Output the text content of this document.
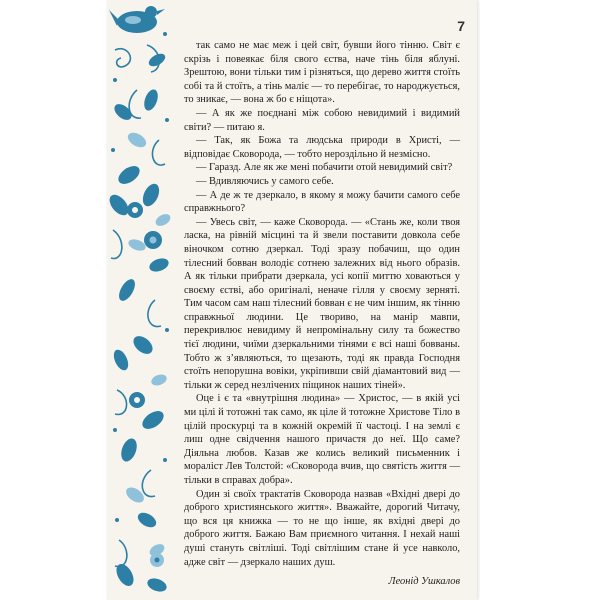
7

так само не має меж і цей світ, бувши його тінню. Світ є скрізь і повеякає біля свого єства, наче тінь біля яблуні. Зрештою, вони тільки тим і різняться, що дерево життя стоїть собі та й стоїть, а тінь маліє — то перебігає, то народжується, то зникає, — вона ж бо є ніщота».

— А як же поєднані між собою невидимий і видимий світи? — питаю я.

— Так, як Божа та людська природи в Христі, — відповідає Сковорода, — тобто нероздільно й незмісно.

— Гаразд. Але як же мені побачити отой невидимий світ?

— Вдивляючись у самого себе.

— А де ж те дзеркало, в якому я можу бачити самого себе справжнього?

— Увесь світ, — каже Сковорода. — «Стань же, коли твоя ласка, на рівній місцині та й звели поставити довкола себе віночком сотню дзеркал. Тоді зразу побачиш, що один тілесний бовван володіє сотнею залежних від нього образів. А як тільки прибрати дзеркала, усі копії миттю ховаються у своєму єстві, або оригіналі, неначе гілля у своєму зерняті. Тим часом сам наш тілесний бовван є не чим іншим, як тінню справжньої людини. Це творивo, на манір мавпи, перекривлює невидиму й непромінальну силу та божество тієї людини, чиїми дзеркальними тінями є всі наші бовваны. Тобто ж з’являються, то щезають, тоді як правда Господня стоїть непорушна вовіки, укріпивши свій діамантовий вид — тільки ж серед незлічених піщинок наших тіней».

Оце і є та «внутрішня людина» — Христос, — в якій усі ми цілі й тотожні так само, як ціле й тотожне Христове Тіло в цілій проскурці та в кожній окремій її частоці. І на землі є лиш одне свідчення нашого причастя до неї. Що саме? Діяльна любов. Казав же колись великий письменник і мораліст Лев Толстой: «Сковорода вчив, що святість життя — тільки в справах добра».

Один зі своїх трактатів Сковорода назвав «Вхідні двері до доброго християнського життя». Вважайте, дорогий Читачу, що вся ця книжка — то не що інше, як вхідні двері до доброго життя. Бажаю Вам приємного читання. І нехай наші душі стануть світліші. Тоді світлішим стане й усе навколо, адже світ — дзеркало наших душ.

Леонід Ушкалов
